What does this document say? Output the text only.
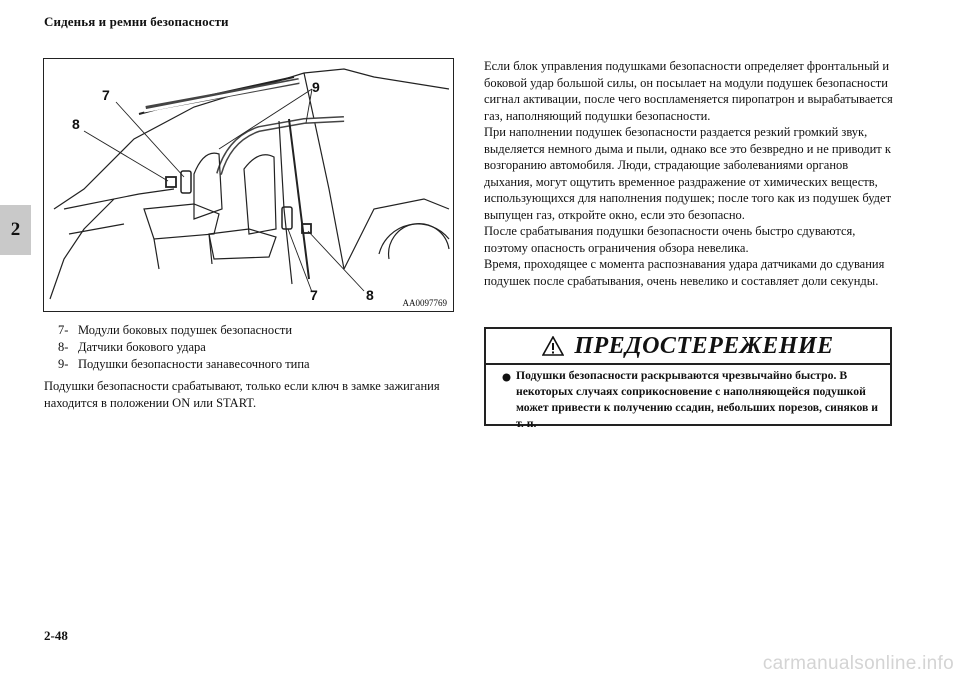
Сиденья и ремни безопасности
2
7
8
9
7	8	AA0097769
7- Модули боковых подушек безопасности
8- Датчики бокового удара
9- Подушки безопасности занавесочного типа
Подушки безопасности срабатывают, только если ключ в замке зажигания находится в положении ON или START.

Если блок управления подушками безопасности определяет фронтальный и боковой удар большой силы, он посылает на модули подушек безопасности сигнал активации, после чего воспламеняется пиропатрон и вырабатывается газ, наполняющий подушки безопасности.

При наполнении подушек безопасности раздается резкий громкий звук, выделяется немного дыма и пыли, однако все это безвредно и не приводит к возгоранию автомобиля. Люди, страдающие заболеваниями органов дыхания, могут ощутить временное раздражение от химических веществ, использующихся для наполнения подушек; после того как из подушек будет выпущен газ, откройте окно, если это безопасно.

После срабатывания подушки безопасности очень быстро сдуваются, поэтому опасность ограничения обзора невелика.

Время, проходящее с момента распознавания удара датчиками до сдувания подушек после срабатывания, очень невелико и составляет доли секунды.

ПРЕДОСТЕРЕЖЕНИЕ
Подушки безопасности раскрываются чрезвычайно быстро. В некоторых случаях соприкосновение с наполняющейся подушкой может привести к получению ссадин, небольших порезов, синяков и т. п.
2-48
carmanualsonline.info
